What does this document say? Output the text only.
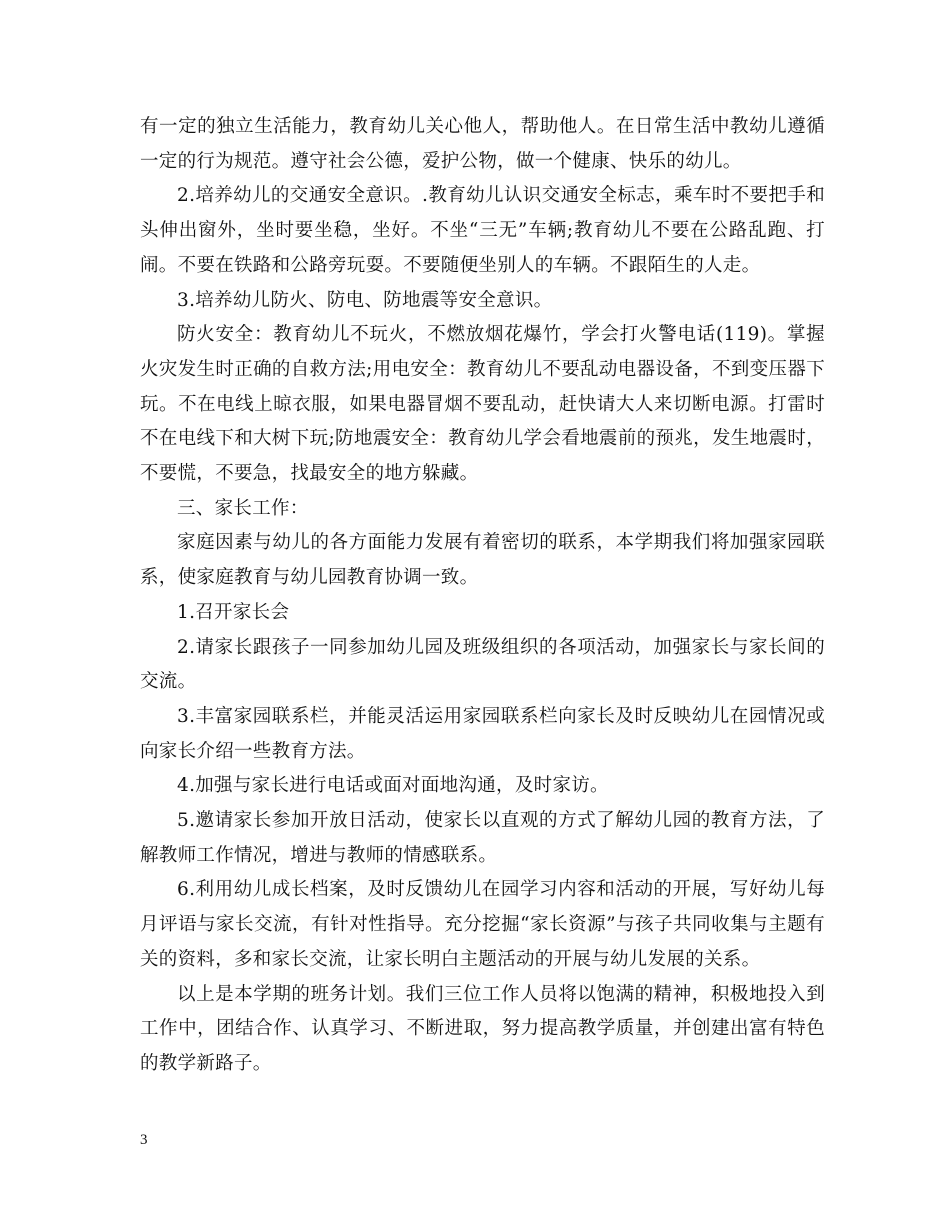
有一定的独立生活能力，教育幼儿关心他人，帮助他人。在日常生活中教幼儿遵循一定的行为规范。遵守社会公德，爱护公物，做一个健康、快乐的幼儿。

2.培养幼儿的交通安全意识。.教育幼儿认识交通安全标志，乘车时不要把手和头伸出窗外，坐时要坐稳，坐好。不坐“三无”车辆;教育幼儿不要在公路乱跑、打闹。不要在铁路和公路旁玩耍。不要随便坐别人的车辆。不跟陌生的人走。

3.培养幼儿防火、防电、防地震等安全意识。

防火安全：教育幼儿不玩火，不燃放烟花爆竹，学会打火警电话(119)。掌握火灾发生时正确的自救方法;用电安全：教育幼儿不要乱动电器设备，不到变压器下玩。不在电线上晾衣服，如果电器冒烟不要乱动，赶快请大人来切断电源。打雷时不在电线下和大树下玩;防地震安全：教育幼儿学会看地震前的预兆，发生地震时，不要慌，不要急，找最安全的地方躲藏。

三、家长工作：

家庭因素与幼儿的各方面能力发展有着密切的联系，本学期我们将加强家园联系，使家庭教育与幼儿园教育协调一致。

1.召开家长会

2.请家长跟孩子一同参加幼儿园及班级组织的各项活动，加强家长与家长间的交流。

3.丰富家园联系栏，并能灵活运用家园联系栏向家长及时反映幼儿在园情况或向家长介绍一些教育方法。

4.加强与家长进行电话或面对面地沟通，及时家访。

5.邀请家长参加开放日活动，使家长以直观的方式了解幼儿园的教育方法，了解教师工作情况，增进与教师的情感联系。

6.利用幼儿成长档案，及时反馈幼儿在园学习内容和活动的开展，写好幼儿每月评语与家长交流，有针对性指导。充分挖掘“家长资源”与孩子共同收集与主题有关的资料，多和家长交流，让家长明白主题活动的开展与幼儿发展的关系。

以上是本学期的班务计划。我们三位工作人员将以饱满的精神，积极地投入到工作中，团结合作、认真学习、不断进取，努力提高教学质量，并创建出富有特色的教学新路子。

3
